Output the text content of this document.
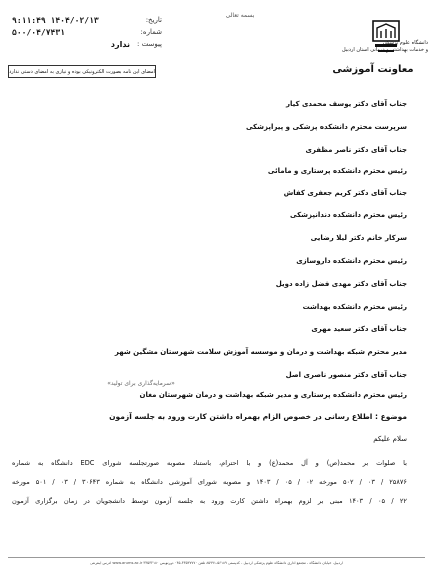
تاریخ:
۹:۱۱:۴۹ ۱۴۰۴/۰۲/۱۳
شماره:
۵۰۰/۰۴/۷۴۳۱
پیوست :
ندارد
امضای این نامه بصورت الکترونیکی بوده و نیازی به امضای دستی ندارد
بسمه تعالی
دانشگاه علوم پزشکی
و خدمات بهداشتی و درمانی استان اردبیل
معاونت آموزشی
جناب آقای دکتر یوسف محمدی کیار
سرپرست محترم دانشکده پزشکی و پیراپزشکی
جناب آقای دکتر ناصر مظفری
رئیس محترم دانشکده پرستاری و مامائی
جناب آقای دکتر کریم جعفری کفاش
رئیس محترم دانشکده دندانپزشکی
سرکار خانم دکتر لیلا رضایی
رئیس محترم دانشکده داروسازی
جناب آقای دکتر مهدی فضل زاده دویل
رئیس محترم دانشکده بهداشت
جناب آقای دکتر سعید مهری
مدیر محترم شبکه بهداشت و درمان و موسسه آموزش سلامت شهرستان مشگین شهر
جناب آقای دکتر منصور ناصری اصل
رئیس محترم دانشکده پرستاری و مدیر شبکه بهداشت و درمان شهرستان مغان
«سرمایه‌گذاری برای تولید»
موضوع : اطلاع رسانی در خصوص الزام بهمراه داشتن کارت ورود به جلسه آزمون
سلام علیکم
با صلوات بر محمد(ص) و آل محمد(ع) و با احترام، باستناد مصوبه صورتجلسه شورای EDC دانشگاه به شماره
۲۵۸۷۶ / ۰۳ / ۵۰۲ مورخه ۰۲ / ۰۵ / ۱۴۰۳ و مصوبه شورای آموزشی دانشگاه به شماره ۳۰۶۴۳ / ۰۳ / ۵۰۱ مورخه
۲۲ / ۰۵ / ۱۴۰۳ مبنی بر لزوم بهمراه داشتن کارت ورود به جلسه آزمون توسط دانشجویان در زمان برگزاری آزمون
اردبیل، خیابان دانشگاه ، مجتمع اداری دانشگاه علوم پزشکی اردبیل - کدپستی ۵۶۱۸۹-۸۵۹۹۱ تلفن ۳۳۵۳۷۷۷۰-۰۴۵ دورنویس ۳۳۵۳۲۱۸۰ www.arums.ac.ir آدرس اینترنتی
